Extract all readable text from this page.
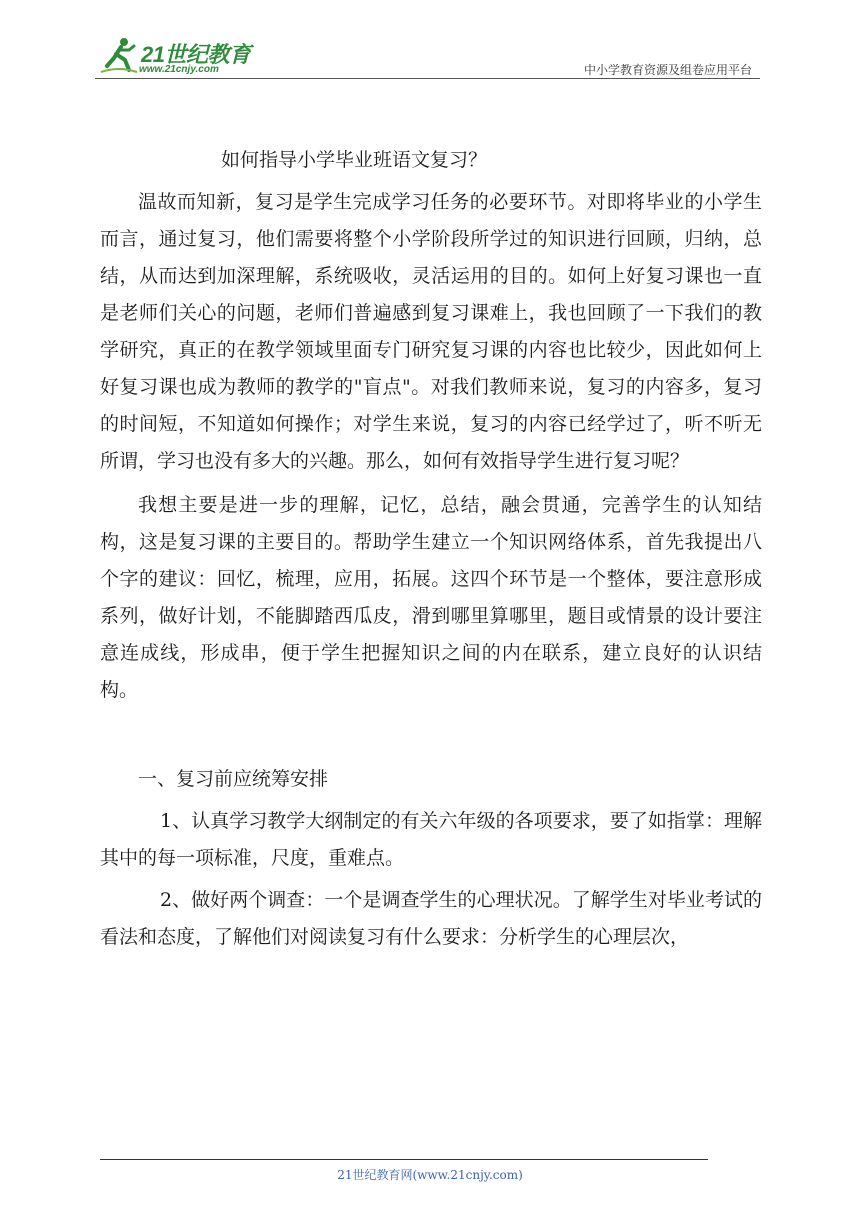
21世纪教育
www.21cnjy.com	中小学教育资源及组卷应用平台

如何指导小学毕业班语文复习？

温故而知新，复习是学生完成学习任务的必要环节。对即将毕业的小学生而言，通过复习，他们需要将整个小学阶段所学过的知识进行回顾，归纳，总结，从而达到加深理解，系统吸收，灵活运用的目的。如何上好复习课也一直是老师们关心的问题，老师们普遍感到复习课难上，我也回顾了一下我们的教学研究，真正的在教学领域里面专门研究复习课的内容也比较少，因此如何上好复习课也成为教师的教学的"盲点"。对我们教师来说，复习的内容多，复习的时间短，不知道如何操作；对学生来说，复习的内容已经学过了，听不听无所谓，学习也没有多大的兴趣。那么，如何有效指导学生进行复习呢？

我想主要是进一步的理解，记忆，总结，融会贯通，完善学生的认知结构，这是复习课的主要目的。帮助学生建立一个知识网络体系，首先我提出八个字的建议：回忆，梳理，应用，拓展。这四个环节是一个整体，要注意形成系列，做好计划，不能脚踏西瓜皮，滑到哪里算哪里，题目或情景的设计要注意连成线，形成串，便于学生把握知识之间的内在联系，建立良好的认识结构。

一、复习前应统筹安排

1、认真学习教学大纲制定的有关六年级的各项要求，要了如指掌：理解其中的每一项标准，尺度，重难点。

2、做好两个调查：一个是调查学生的心理状况。了解学生对毕业考试的看法和态度，了解他们对阅读复习有什么要求：分析学生的心理层次，

21世纪教育网(www.21cnjy.com)
